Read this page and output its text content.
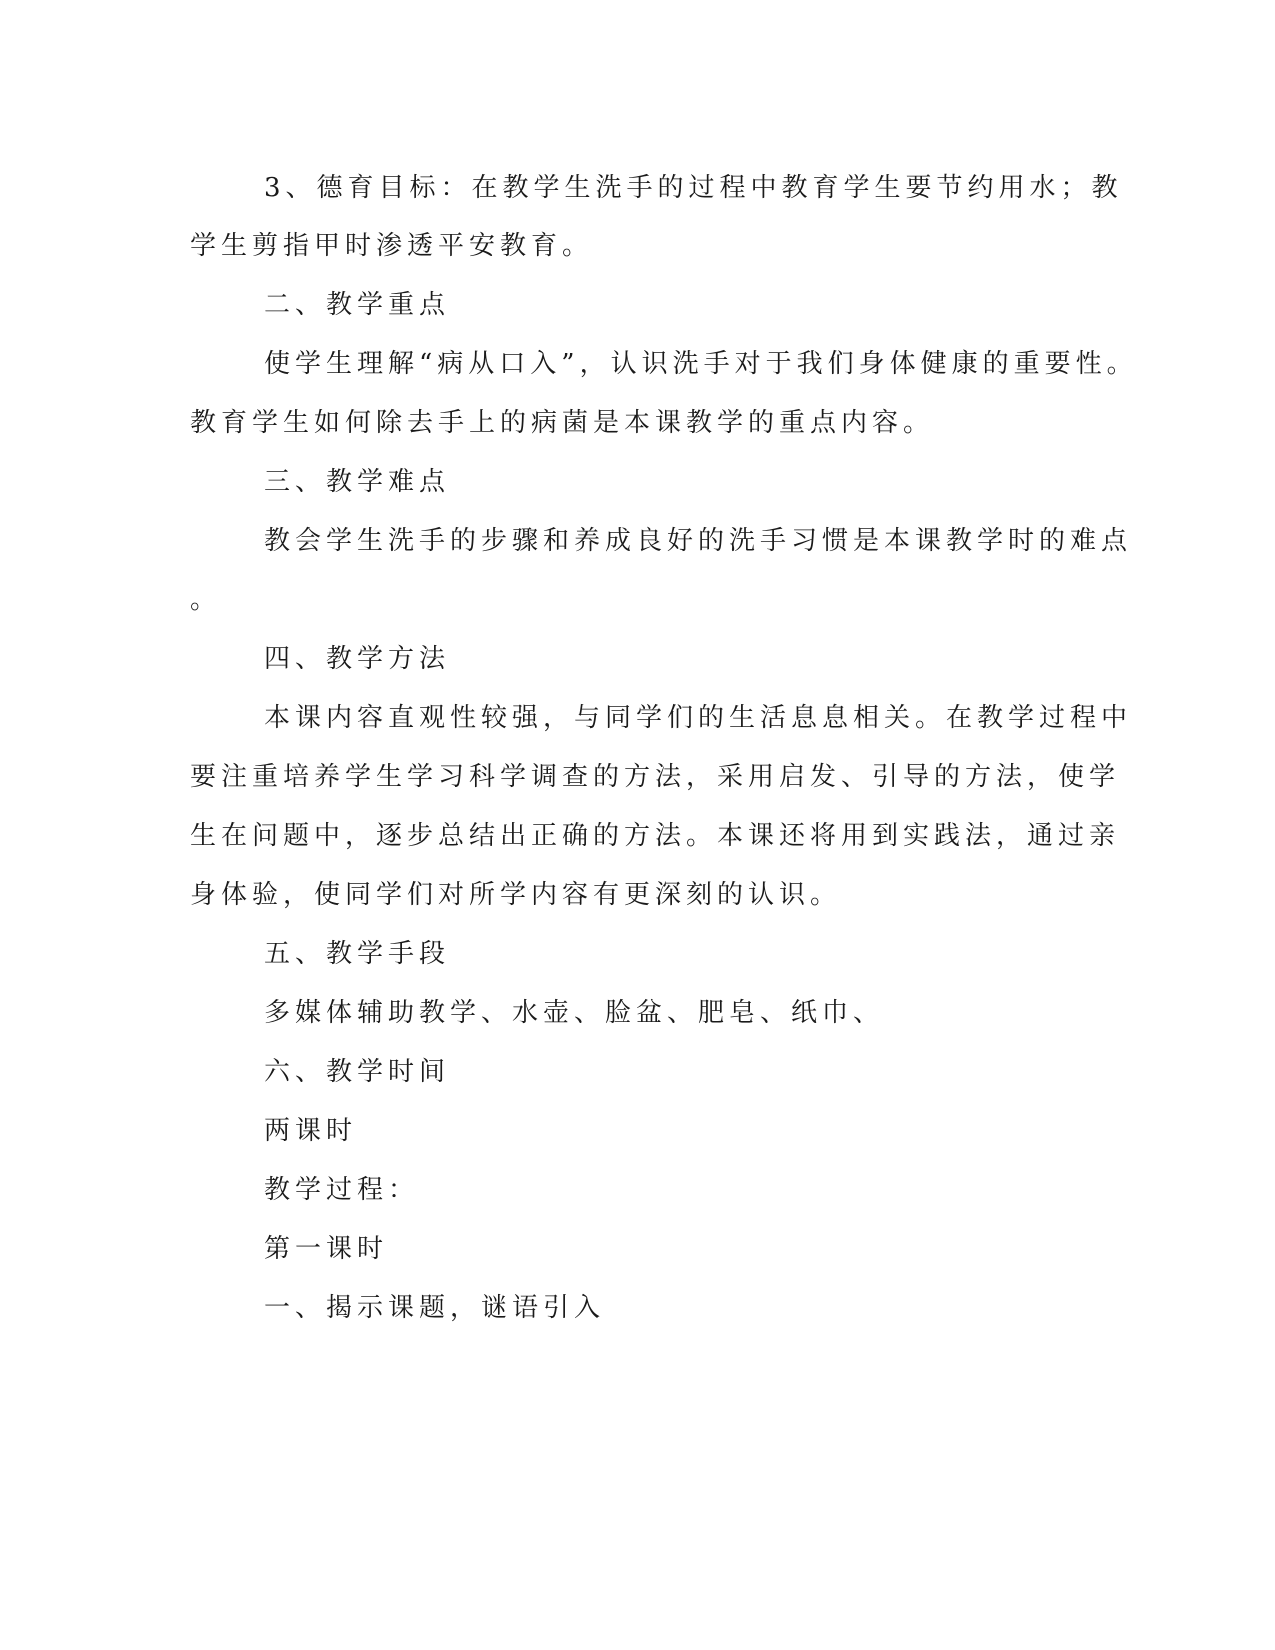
3、德育目标：在教学生洗手的过程中教育学生要节约用水；教
学生剪指甲时渗透平安教育。
二、教学重点
使学生理解“病从口入”，认识洗手对于我们身体健康的重要性。
教育学生如何除去手上的病菌是本课教学的重点内容。
三、教学难点
教会学生洗手的步骤和养成良好的洗手习惯是本课教学时的难点
。
四、教学方法
本课内容直观性较强，与同学们的生活息息相关。在教学过程中
要注重培养学生学习科学调查的方法，采用启发、引导的方法，使学
生在问题中，逐步总结出正确的方法。本课还将用到实践法，通过亲
身体验，使同学们对所学内容有更深刻的认识。
五、教学手段
多媒体辅助教学、水壶、脸盆、肥皂、纸巾、
六、教学时间
两课时
教学过程：
第一课时
一、揭示课题，谜语引入
